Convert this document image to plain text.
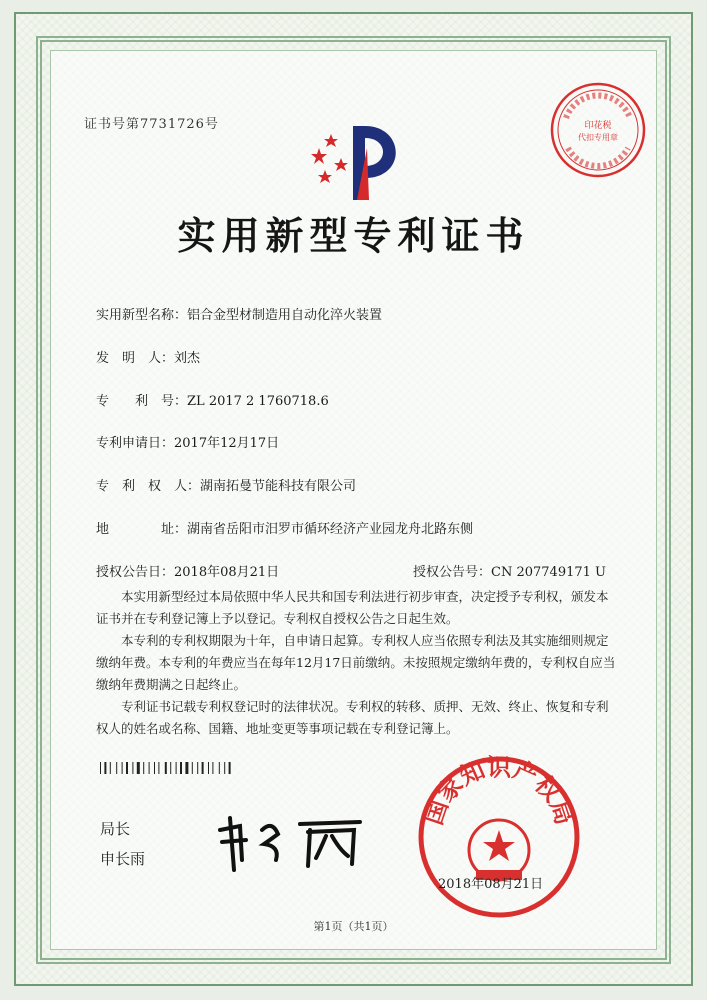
证书号第7731726号	印花税
代扣专用章
实用新型专利证书
实用新型名称：铝合金型材制造用自动化淬火装置
发　明　人：刘杰
专　　利　号：ZL 2017 2 1760718.6
专利申请日：2017年12月17日
专　利　权　人：湖南拓曼节能科技有限公司
地　　　　址：湖南省岳阳市汨罗市循环经济产业园龙舟北路东侧
授权公告日：2018年08月21日	授权公告号：CN 207749171 U

本实用新型经过本局依照中华人民共和国专利法进行初步审查，决定授予专利权，颁发本证书并在专利登记簿上予以登记。专利权自授权公告之日起生效。

本专利的专利权期限为十年，自申请日起算。专利权人应当依照专利法及其实施细则规定缴纳年费。本专利的年费应当在每年12月17日前缴纳。未按照规定缴纳年费的，专利权自应当缴纳年费期满之日起终止。

专利证书记载专利权登记时的法律状况。专利权的转移、质押、无效、终止、恢复和专利权人的姓名或名称、国籍、地址变更等事项记载在专利登记簿上。

局长
申长雨
国家知识产权局
2018年08月21日
第1页（共1页）
